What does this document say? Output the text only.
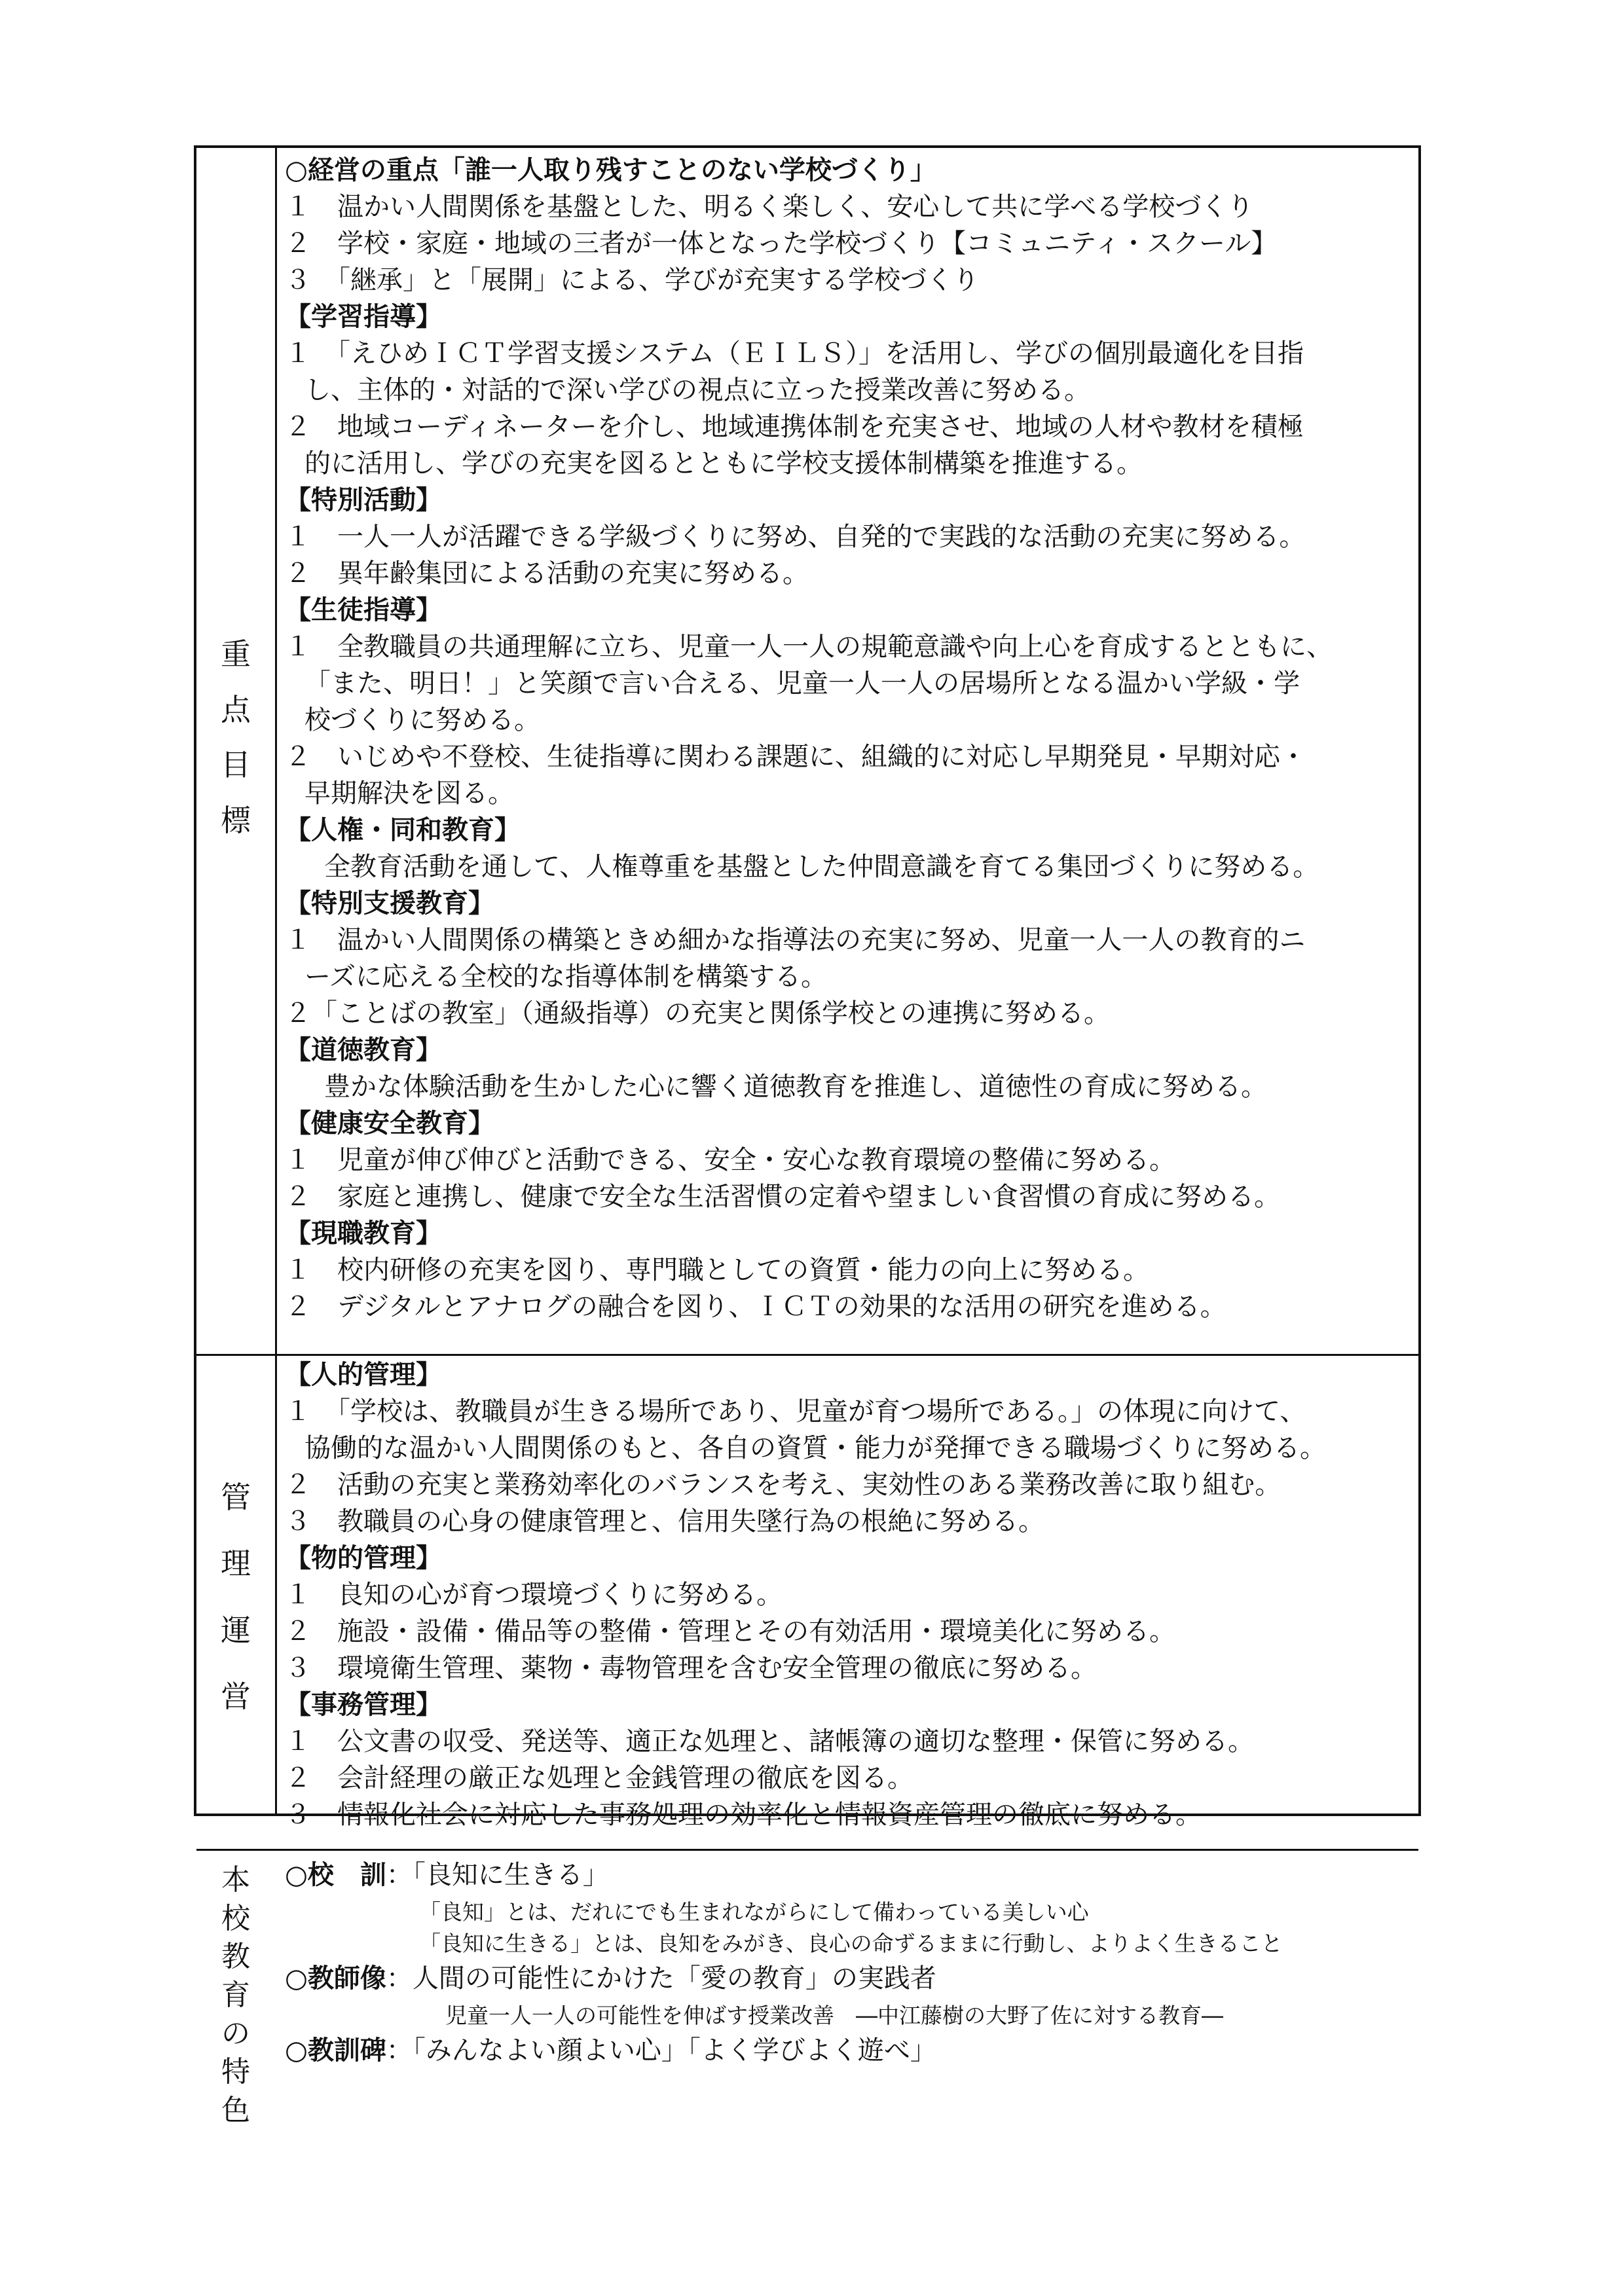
重
点
目
標
○経営の重点「誰一人取り残すことのない学校づくり」
１　温かい人間関係を基盤とした、明るく楽しく、安心して共に学べる学校づくり
２　学校・家庭・地域の三者が一体となった学校づくり【コミュニティ・スクール】
３　「継承」と「展開」による、学びが充実する学校づくり
【学習指導】
１　「えひめＩＣＴ学習支援システム（ＥＩＬＳ）」を活用し、学びの個別最適化を目指
し、主体的・対話的で深い学びの視点に立った授業改善に努める。
２　地域コーディネーターを介し、地域連携体制を充実させ、地域の人材や教材を積極
的に活用し、学びの充実を図るとともに学校支援体制構築を推進する。
【特別活動】
１　一人一人が活躍できる学級づくりに努め、自発的で実践的な活動の充実に努める。
２　異年齢集団による活動の充実に努める。
【生徒指導】
１　全教職員の共通理解に立ち、児童一人一人の規範意識や向上心を育成するとともに、
「また、明日！」と笑顔で言い合える、児童一人一人の居場所となる温かい学級・学
校づくりに努める。
２　いじめや不登校、生徒指導に関わる課題に、組織的に対応し早期発見・早期対応・
早期解決を図る。
【人権・同和教育】
全教育活動を通して、人権尊重を基盤とした仲間意識を育てる集団づくりに努める。
【特別支援教育】
１　温かい人間関係の構築ときめ細かな指導法の充実に努め、児童一人一人の教育的ニ
ーズに応える全校的な指導体制を構築する。
２「ことばの教室」（通級指導）の充実と関係学校との連携に努める。
【道徳教育】
豊かな体験活動を生かした心に響く道徳教育を推進し、道徳性の育成に努める。
【健康安全教育】
１　児童が伸び伸びと活動できる、安全・安心な教育環境の整備に努める。
２　家庭と連携し、健康で安全な生活習慣の定着や望ましい食習慣の育成に努める。
【現職教育】
１　校内研修の充実を図り、専門職としての資質・能力の向上に努める。
２　デジタルとアナログの融合を図り、ＩＣＴの効果的な活用の研究を進める。
管
理
運
営
【人的管理】
１　「学校は、教職員が生きる場所であり、児童が育つ場所である。」の体現に向けて、
協働的な温かい人間関係のもと、各自の資質・能力が発揮できる職場づくりに努める。
２　活動の充実と業務効率化のバランスを考え、実効性のある業務改善に取り組む。
３　教職員の心身の健康管理と、信用失墜行為の根絶に努める。
【物的管理】
１　良知の心が育つ環境づくりに努める。
２　施設・設備・備品等の整備・管理とその有効活用・環境美化に努める。
３　環境衛生管理、薬物・毒物管理を含む安全管理の徹底に努める。
【事務管理】
１　公文書の収受、発送等、適正な処理と、諸帳簿の適切な整理・保管に努める。
２　会計経理の厳正な処理と金銭管理の徹底を図る。
３　情報化社会に対応した事務処理の効率化と情報資産管理の徹底に努める。
本
校
教
育
の
特
色
○校　訓：「良知に生きる」
「良知」とは、だれにでも生まれながらにして備わっている美しい心
「良知に生きる」とは、良知をみがき、良心の命ずるままに行動し、よりよく生きること
○教師像：人間の可能性にかけた「愛の教育」の実践者
児童一人一人の可能性を伸ばす授業改善　―中江藤樹の大野了佐に対する教育―
○教訓碑：「みんなよい顔よい心」「よく学びよく遊べ」
